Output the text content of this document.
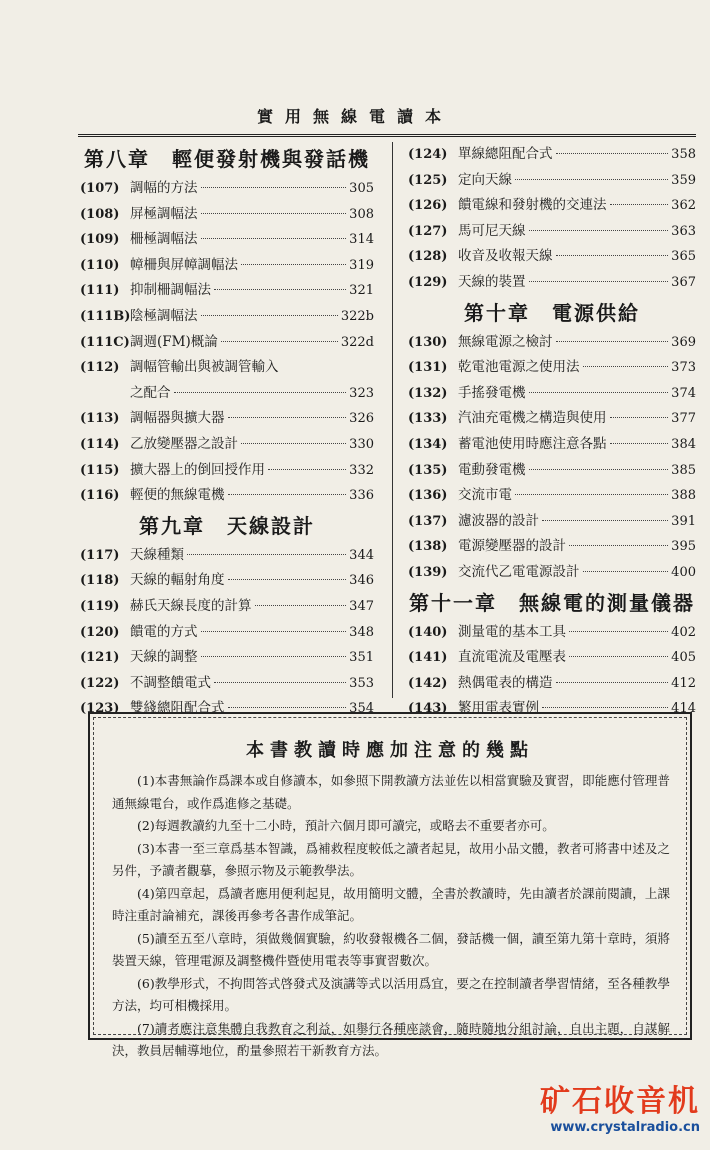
實用無線電讀本
第八章　輕便發射機與發話機
(107) 調幅的方法	305
(108) 屏極調幅法	308
(109) 柵極調幅法	314
(110) 幛柵與屏幛調幅法	319
(111) 抑制柵調幅法	321
(111B) 陰極調幅法	322b
(111C) 調週(FM)概論	322d
(112) 調幅管輸出與被調管輸入
之配合	323
(113) 調幅器與擴大器	326
(114) 乙放變壓器之設計	330
(115) 擴大器上的倒回授作用	332
(116) 輕便的無線電機	336
第九章　天線設計
(117) 天線種類	344
(118) 天線的輻射角度	346
(119) 赫氏天線長度的計算	347
(120) 饋電的方式	348
(121) 天線的調整	351
(122) 不調整饋電式	353
(123) 雙綫總阻配合式	354
(124) 單線總阻配合式	358
(125) 定向天線	359
(126) 饋電線和發射機的交連法	362
(127) 馬可尼天線	363
(128) 收音及收報天線	365
(129) 天線的裝置	367
第十章　電源供給
(130) 無線電源之檢討	369
(131) 乾電池電源之使用法	373
(132) 手搖發電機	374
(133) 汽油充電機之構造與使用	377
(134) 蓄電池使用時應注意各點	384
(135) 電動發電機	385
(136) 交流市電	388
(137) 濾波器的設計	391
(138) 電源變壓器的設計	395
(139) 交流代乙電電源設計	400
第十一章　無線電的測量儀器
(140) 測量電的基本工具	402
(141) 直流電流及電壓表	405
(142) 熱偶電表的構造	412
(143) 繁用電表實例	414
本書教讀時應加注意的幾點
(1)本書無論作爲課本或自修讀本，如參照下開教讀方法並佐以相當實驗及實習，即能應付管理普通無線電台，或作爲進修之基礎。
(2)每週教讀約九至十二小時，預計六個月即可讀完，或略去不重要者亦可。
(3)本書一至三章爲基本智識，爲補救程度較低之讀者起見，故用小品文體，教者可將書中述及之另件，予讀者觀摹，參照示物及示範教學法。
(4)第四章起，爲讀者應用便利起見，故用簡明文體，全書於教讀時，先由讀者於課前閱讀，上課時注重討論補充，課後再參考各書作成筆記。
(5)讀至五至八章時，須做幾個實驗，約收發報機各二個，發話機一個，讀至第九第十章時，須將裝置天線，管理電源及調整機件暨使用電表等事實習數次。
(6)教學形式，不拘問答式啓發式及演講等式以活用爲宜，要之在控制讀者學習情緒，至各種教學方法，均可相機採用。
(7)讀者應注意集體自我教育之利益，如舉行各種座談會，隨時隨地分組討論，自出主題，自謀解決，教員居輔導地位，酌量參照若干新教育方法。
矿石收音机
www.crystalradio.cn
